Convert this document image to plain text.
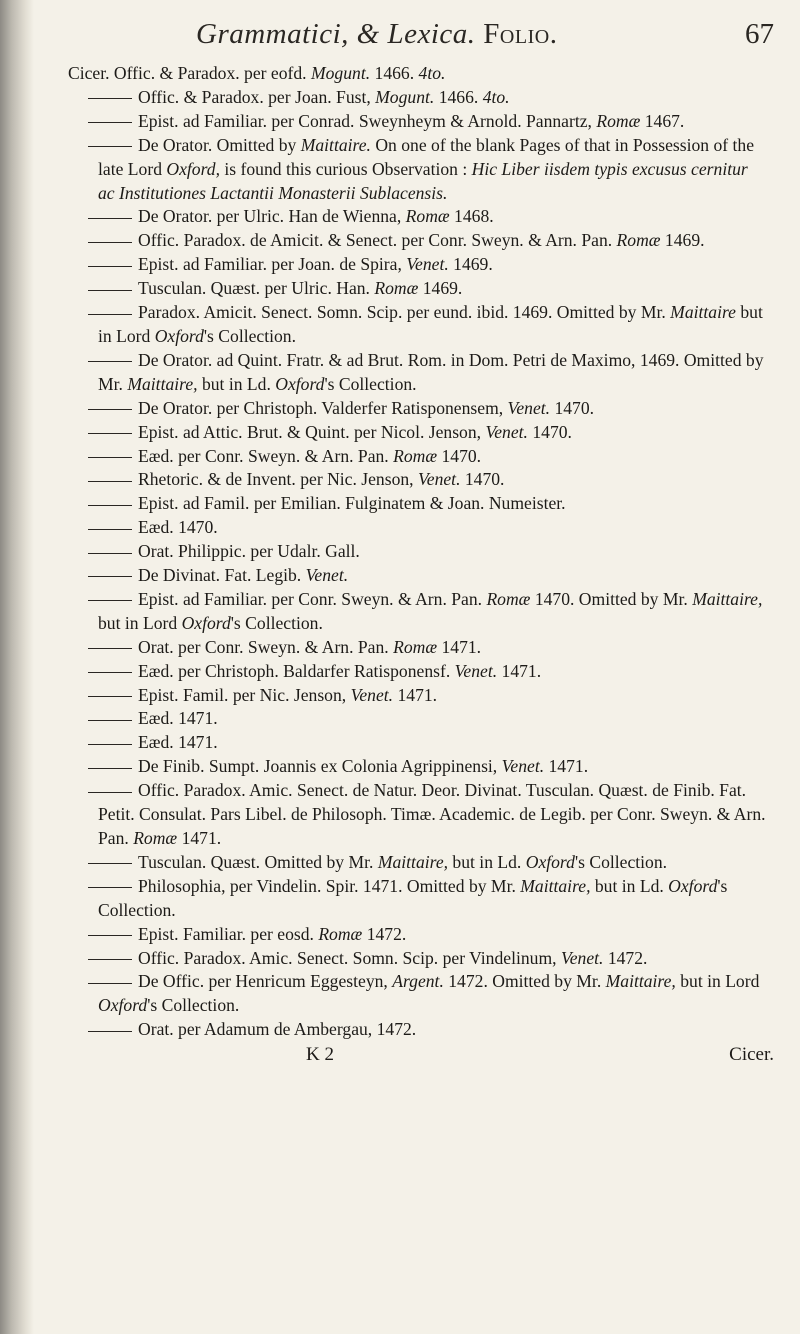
Grammatici, & Lexica. Folio.	67
Cicer. Offic. & Paradox. per eofd. Mogunt. 1466. 4to.
Offic. & Paradox. per Joan. Fust, Mogunt. 1466. 4to.
Epist. ad Familiar. per Conrad. Sweynheym & Arnold. Pannartz, Romæ 1467.
De Orator. Omitted by Maittaire. On one of the blank Pages of that in Possession of the late Lord Oxford, is found this curious Observation : Hic Liber iisdem typis excusus cernitur ac Institutiones Lactantii Monasterii Sublacensis.
De Orator. per Ulric. Han de Wienna, Romæ 1468.
Offic. Paradox. de Amicit. & Senect. per Conr. Sweyn. & Arn. Pan. Romæ 1469.
Epist. ad Familiar. per Joan. de Spira, Venet. 1469.
Tusculan. Quæst. per Ulric. Han. Romæ 1469.
Paradox. Amicit. Senect. Somn. Scip. per eund. ibid. 1469. Omitted by Mr. Maittaire but in Lord Oxford's Collection.
De Orator. ad Quint. Fratr. & ad Brut. Rom. in Dom. Petri de Maximo, 1469. Omitted by Mr. Maittaire, but in Ld. Oxford's Collection.
De Orator. per Christoph. Valderfer Ratisponensem, Venet. 1470.
Epist. ad Attic. Brut. & Quint. per Nicol. Jenson, Venet. 1470.
Eæd. per Conr. Sweyn. & Arn. Pan. Romæ 1470.
Rhetoric. & de Invent. per Nic. Jenson, Venet. 1470.
Epist. ad Famil. per Emilian. Fulginatem & Joan. Numeister.
Eæd. 1470.
Orat. Philippic. per Udalr. Gall.
De Divinat. Fat. Legib. Venet.
Epist. ad Familiar. per Conr. Sweyn. & Arn. Pan. Romæ 1470. Omitted by Mr. Maittaire, but in Lord Oxford's Collection.
Orat. per Conr. Sweyn. & Arn. Pan. Romæ 1471.
Eæd. per Christoph. Baldarfer Ratisponensf. Venet. 1471.
Epist. Famil. per Nic. Jenson, Venet. 1471.
Eæd. 1471.
Eæd. 1471.
De Finib. Sumpt. Joannis ex Colonia Agrippinensi, Venet. 1471.
Offic. Paradox. Amic. Senect. de Natur. Deor. Divinat. Tusculan. Quæst. de Finib. Fat. Petit. Consulat. Pars Libel. de Philosoph. Timæ. Academic. de Legib. per Conr. Sweyn. & Arn. Pan. Romæ 1471.
Tusculan. Quæst. Omitted by Mr. Maittaire, but in Ld. Oxford's Collection.
Philosophia, per Vindelin. Spir. 1471. Omitted by Mr. Maittaire, but in Ld. Oxford's Collection.
Epist. Familiar. per eosd. Romæ 1472.
Offic. Paradox. Amic. Senect. Somn. Scip. per Vindelinum, Venet. 1472.
De Offic. per Henricum Eggesteyn, Argent. 1472. Omitted by Mr. Maittaire, but in Lord Oxford's Collection.
Orat. per Adamum de Ambergau, 1472.
K 2	Cicer.
